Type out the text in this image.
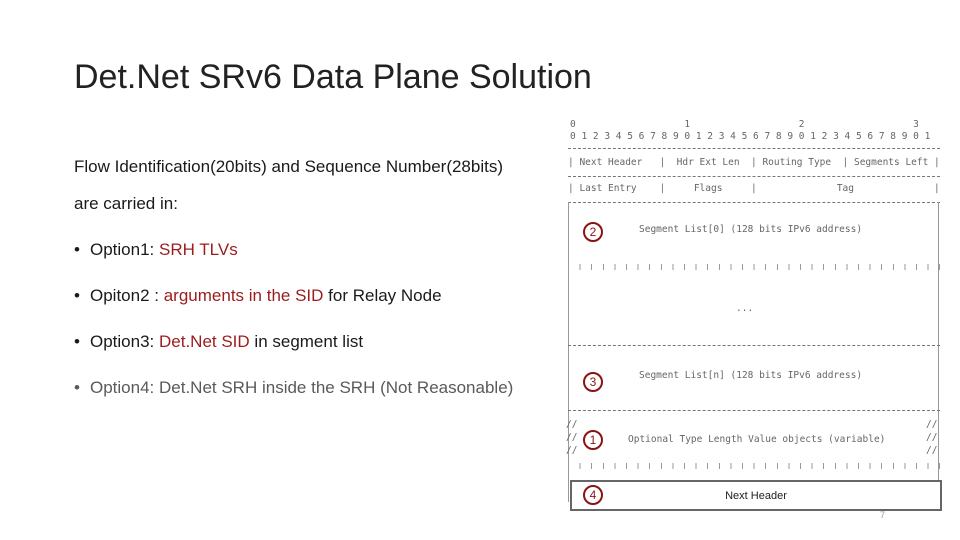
Det.Net SRv6 Data Plane Solution
Flow Identification(20bits) and Sequence Number(28bits)
are carried in:
• Option1: SRH TLVs
• Opiton2 : arguments in the SID for Relay Node
• Option3: Det.Net SID in segment list
• Option4: Det.Net SRH inside the SRH (Not Reasonable)
0                   1                   2                   3
0 1 2 3 4 5 6 7 8 9 0 1 2 3 4 5 6 7 8 9 0 1 2 3 4 5 6 7 8 9 0 1
| Next Header   |  Hdr Ext Len  | Routing Type  | Segments Left |
| Last Entry    |     Flags     |              Tag              |
2	Segment List[0] (128 bits IPv6 address)
...
3	Segment List[n] (128 bits IPv6 address)
//
//
//
//
//
//
1	Optional Type Length Value objects (variable)
Next Header
4
7
